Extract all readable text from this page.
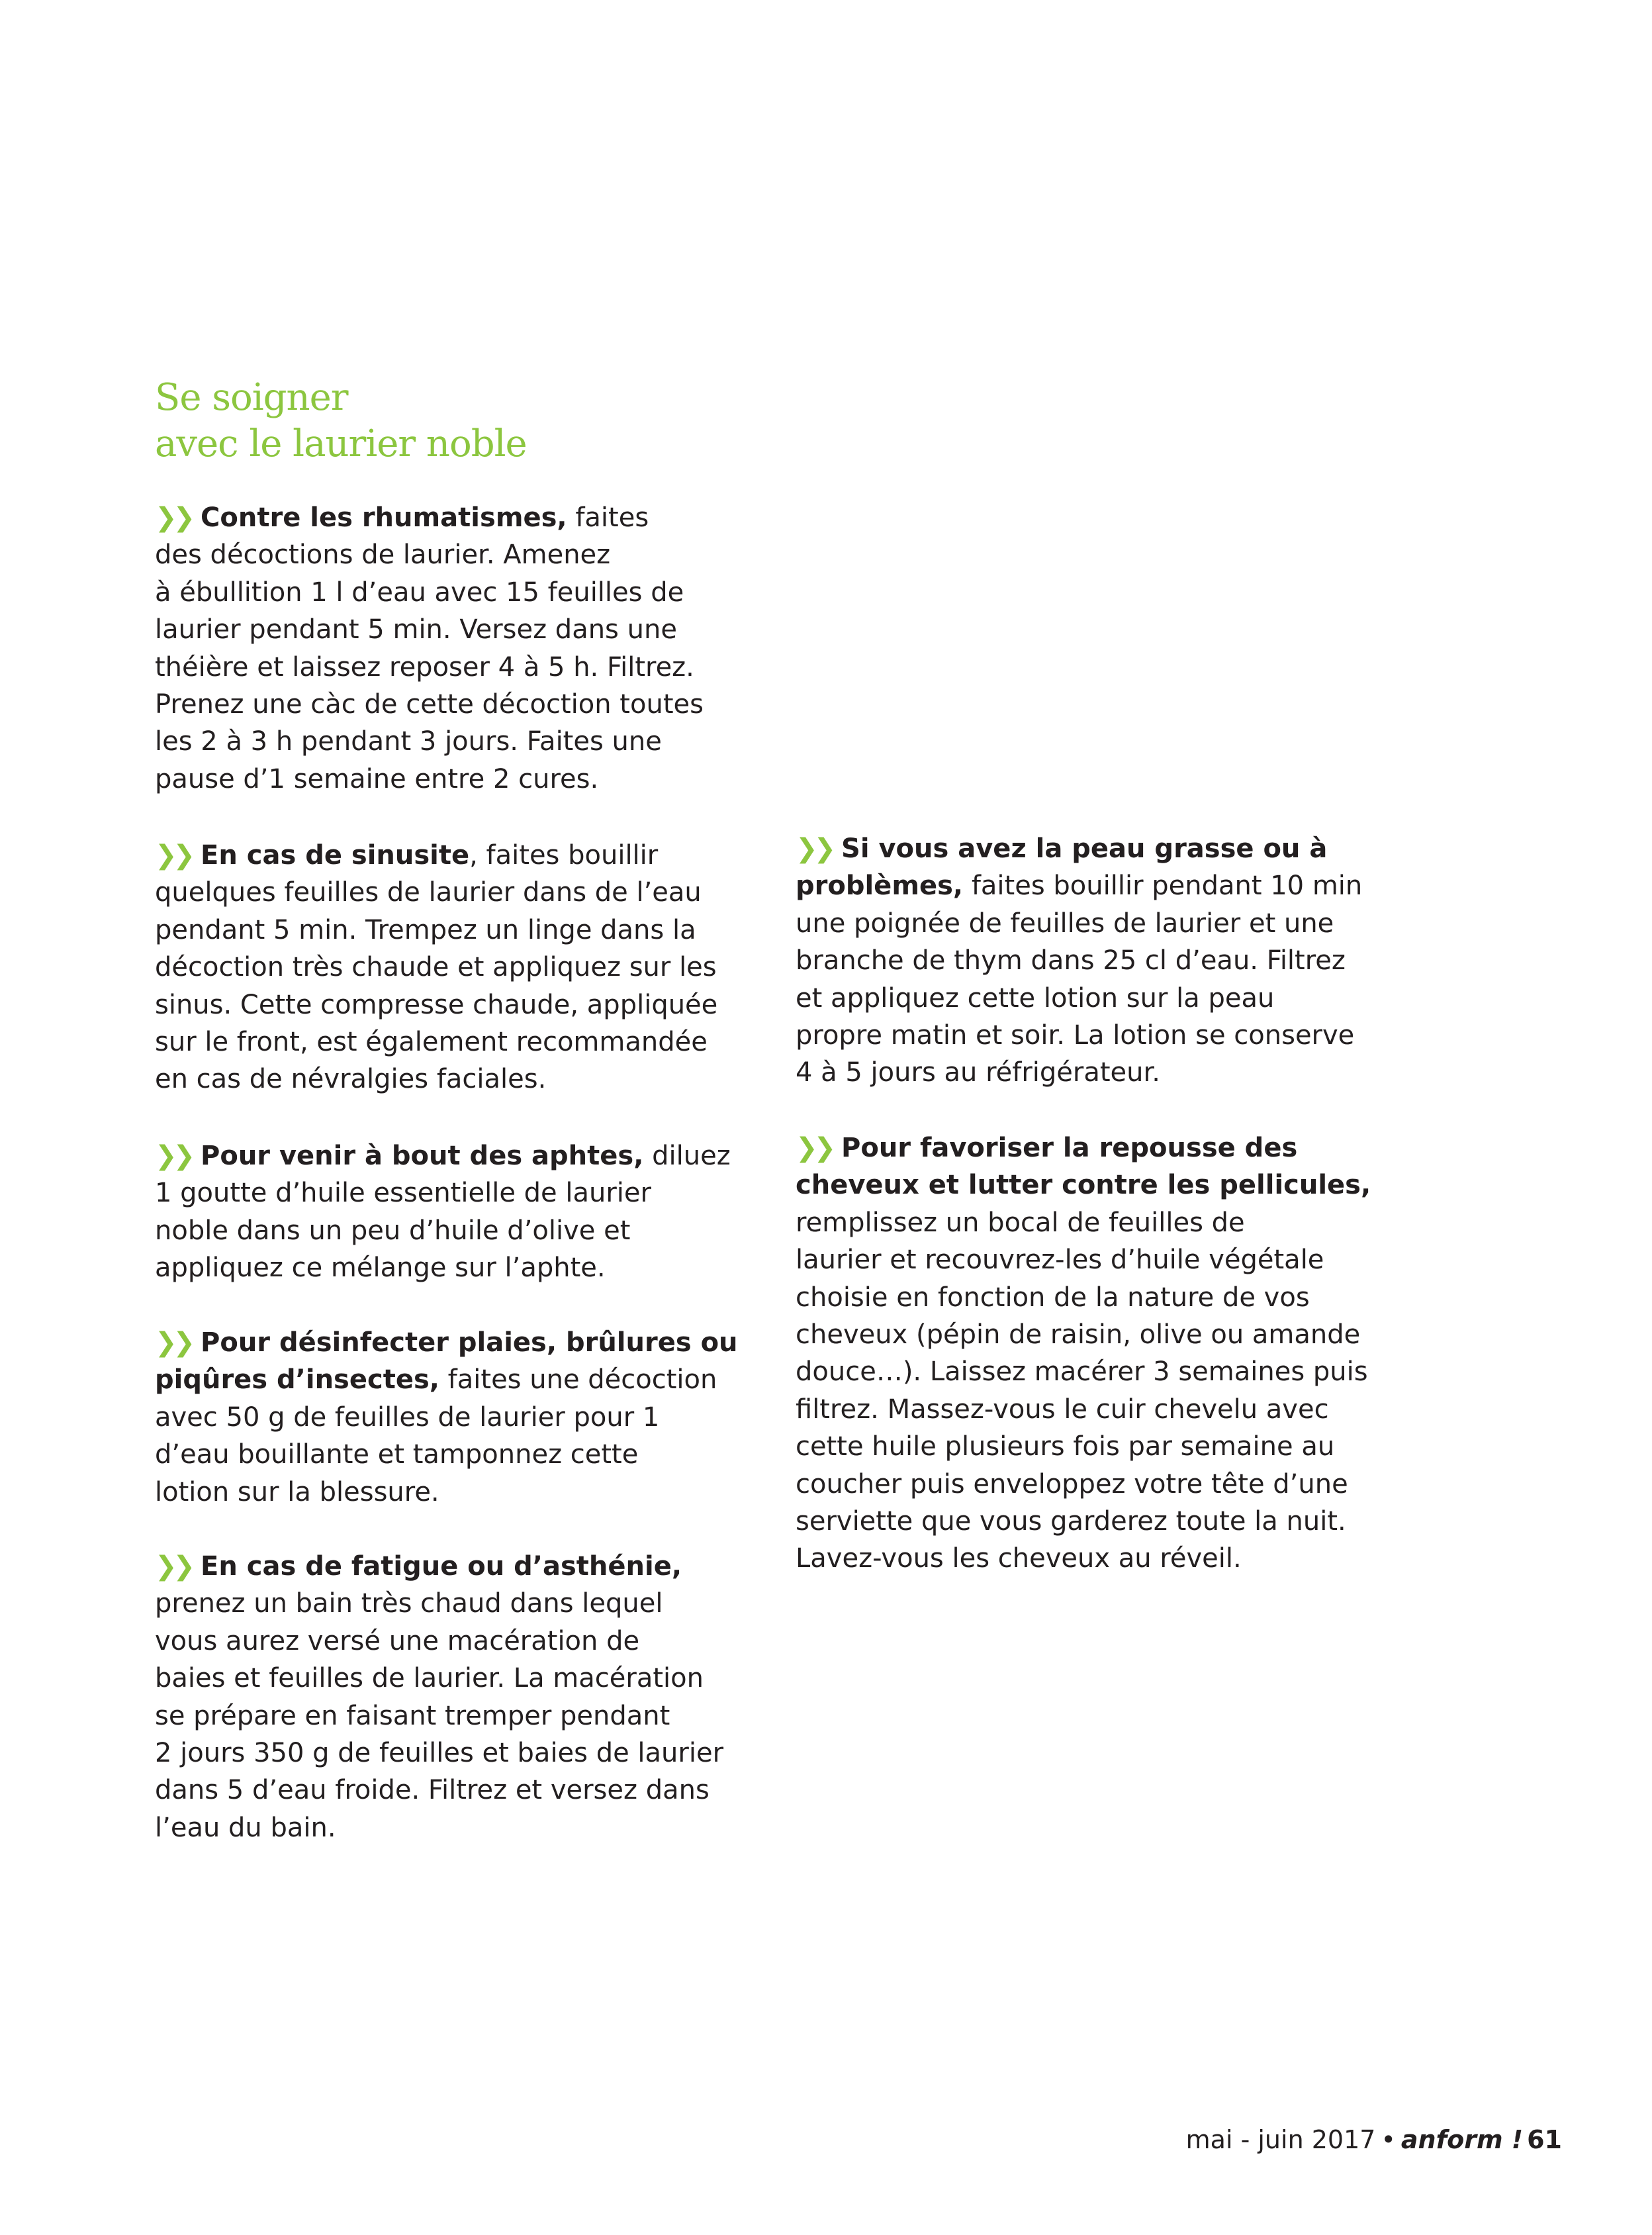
Se soigner
avec le laurier noble

❯❯ Contre les rhumatismes, faites
des décoctions de laurier. Amenez
à ébullition 1 l d’eau avec 15 feuilles de
laurier pendant 5 min. Versez dans une
théière et laissez reposer 4 à 5 h. Filtrez.
Prenez une càc de cette décoction toutes
les 2 à 3 h pendant 3 jours. Faites une
pause d’1 semaine entre 2 cures.

❯❯ En cas de sinusite, faites bouillir
quelques feuilles de laurier dans de l’eau
pendant 5 min. Trempez un linge dans la
décoction très chaude et appliquez sur les
sinus. Cette compresse chaude, appliquée
sur le front, est également recommandée
en cas de névralgies faciales.

❯❯ Pour venir à bout des aphtes, diluez
1 goutte d’huile essentielle de laurier
noble dans un peu d’huile d’olive et
appliquez ce mélange sur l’aphte.

❯❯ Pour désinfecter plaies, brûlures ou
piqûres d’insectes, faites une décoction
avec 50 g de feuilles de laurier pour 1
d’eau bouillante et tamponnez cette
lotion sur la blessure.

❯❯ En cas de fatigue ou d’asthénie,
prenez un bain très chaud dans lequel
vous aurez versé une macération de
baies et feuilles de laurier. La macération
se prépare en faisant tremper pendant
2 jours 350 g de feuilles et baies de laurier
dans 5 d’eau froide. Filtrez et versez dans
l’eau du bain.

❯❯ Si vous avez la peau grasse ou à
problèmes, faites bouillir pendant 10 min
une poignée de feuilles de laurier et une
branche de thym dans 25 cl d’eau. Filtrez
et appliquez cette lotion sur la peau
propre matin et soir. La lotion se conserve
4 à 5 jours au réfrigérateur.

❯❯ Pour favoriser la repousse des
cheveux et lutter contre les pellicules,
remplissez un bocal de feuilles de
laurier et recouvrez-les d’huile végétale
choisie en fonction de la nature de vos
cheveux (pépin de raisin, olive ou amande
douce…). Laissez macérer 3 semaines puis
filtrez. Massez-vous le cuir chevelu avec
cette huile plusieurs fois par semaine au
coucher puis enveloppez votre tête d’une
serviette que vous garderez toute la nuit.
Lavez-vous les cheveux au réveil.

mai - juin 2017 • anform ! 61
